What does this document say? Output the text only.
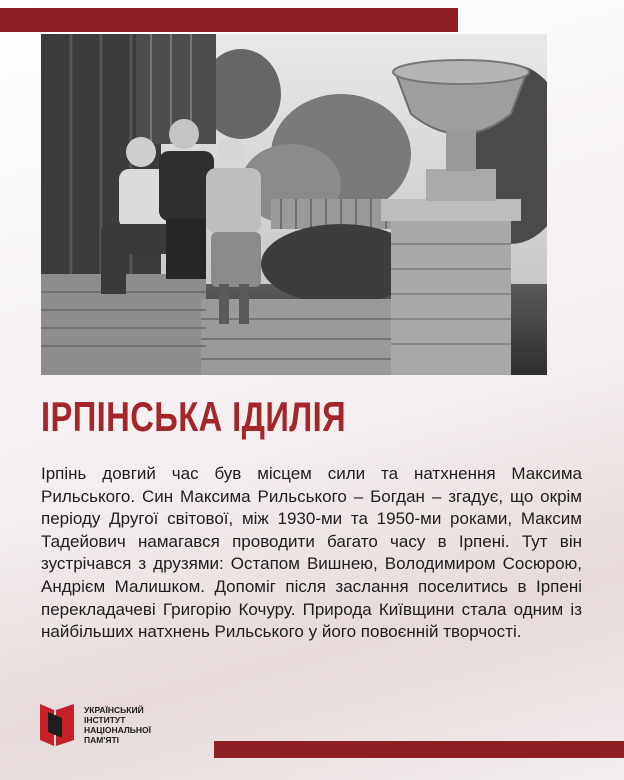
ІРПІНСЬКА ІДИЛІЯ

Ірпінь довгий час був місцем сили та натхнення Максима Рильського. Син Максима Рильського – Богдан – згадує, що окрім періоду Другої світової, між 1930-ми та 1950-ми роками, Максим Тадейович намагався проводити багато часу в Ірпені. Тут він зустрічався з друзями: Остапом Вишнею, Володимиром Сосюрою, Андрієм Малишком. Допоміг після заслання поселитись в Ірпені перекладачеві Григорію Кочуру. Природа Київщини стала одним із найбільших натхнень Рильського у його повоєнній творчості.

УКРАЇНСЬКИЙ
ІНСТИТУТ
НАЦІОНАЛЬНОЇ
ПАМ'ЯТІ
